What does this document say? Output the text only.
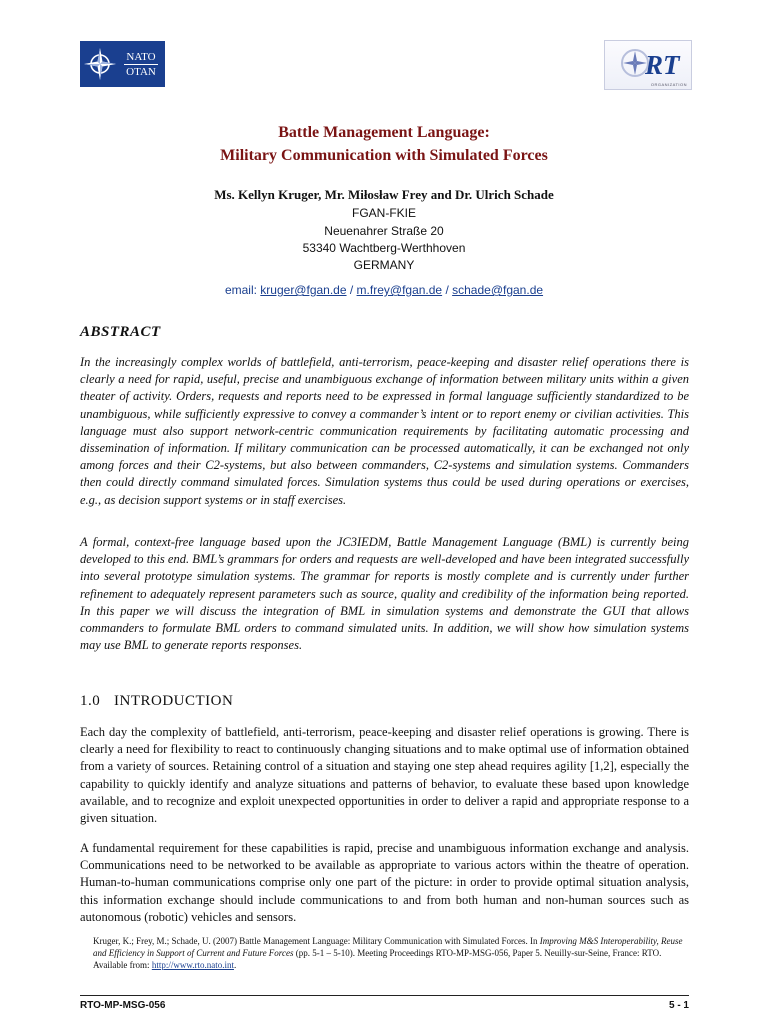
NATO
OTAN	RT
ORGANIZATION
Battle Management Language:
Military Communication with Simulated Forces
Ms. Kellyn Kruger, Mr. Miłosław Frey and Dr. Ulrich Schade
FGAN-FKIE
Neuenahrer Straße 20
53340 Wachtberg-Werthhoven
GERMANY
email: kruger@fgan.de / m.frey@fgan.de / schade@fgan.de
ABSTRACT

In the increasingly complex worlds of battlefield, anti-terrorism, peace-keeping and disaster relief operations there is clearly a need for rapid, useful, precise and unambiguous exchange of information between military units within a given theater of activity. Orders, requests and reports need to be expressed in formal language sufficiently standardized to be unambiguous, while sufficiently expressive to convey a commander’s intent or to report enemy or civilian activities. This language must also support network-centric communication requirements by facilitating automatic processing and dissemination of information. If military communication can be processed automatically, it can be exchanged not only among forces and their C2-systems, but also between commanders, C2-systems and simulation systems. Commanders then could directly command simulated forces. Simulation systems thus could be used during operations or exercises, e.g., as decision support systems or in staff exercises.

A formal, context-free language based upon the JC3IEDM, Battle Management Language (BML) is currently being developed to this end. BML’s grammars for orders and requests are well-developed and have been integrated successfully into several prototype simulation systems. The grammar for reports is mostly complete and is currently under further refinement to adequately represent parameters such as source, quality and credibility of the information being reported. In this paper we will discuss the integration of BML in simulation systems and demonstrate the GUI that allows commanders to formulate BML orders to command simulated units. In addition, we will show how simulation systems may use BML to generate reports responses.

1.0 INTRODUCTION

Each day the complexity of battlefield, anti-terrorism, peace-keeping and disaster relief operations is growing. There is clearly a need for flexibility to react to continuously changing situations and to make optimal use of information obtained from a variety of sources. Retaining control of a situation and staying one step ahead requires agility [1,2], especially the capability to quickly identify and analyze situations and patterns of behavior, to evaluate these based upon knowledge available, and to recognize and exploit unexpected opportunities in order to deliver a rapid and appropriate response to a given situation.

A fundamental requirement for these capabilities is rapid, precise and unambiguous information exchange and analysis. Communications need to be networked to be available as appropriate to various actors within the theatre of operation. Human-to-human communications comprise only one part of the picture: in order to provide optimal situation analysis, this information exchange should include communications to and from both human and non-human sources such as autonomous (robotic) vehicles and sensors.

Kruger, K.; Frey, M.; Schade, U. (2007) Battle Management Language: Military Communication with Simulated Forces. In Improving M&S Interoperability, Reuse and Efficiency in Support of Current and Future Forces (pp. 5-1 – 5-10). Meeting Proceedings RTO-MP-MSG-056, Paper 5. Neuilly-sur-Seine, France: RTO. Available from: http://www.rto.nato.int.

RTO-MP-MSG-056	5 - 1
